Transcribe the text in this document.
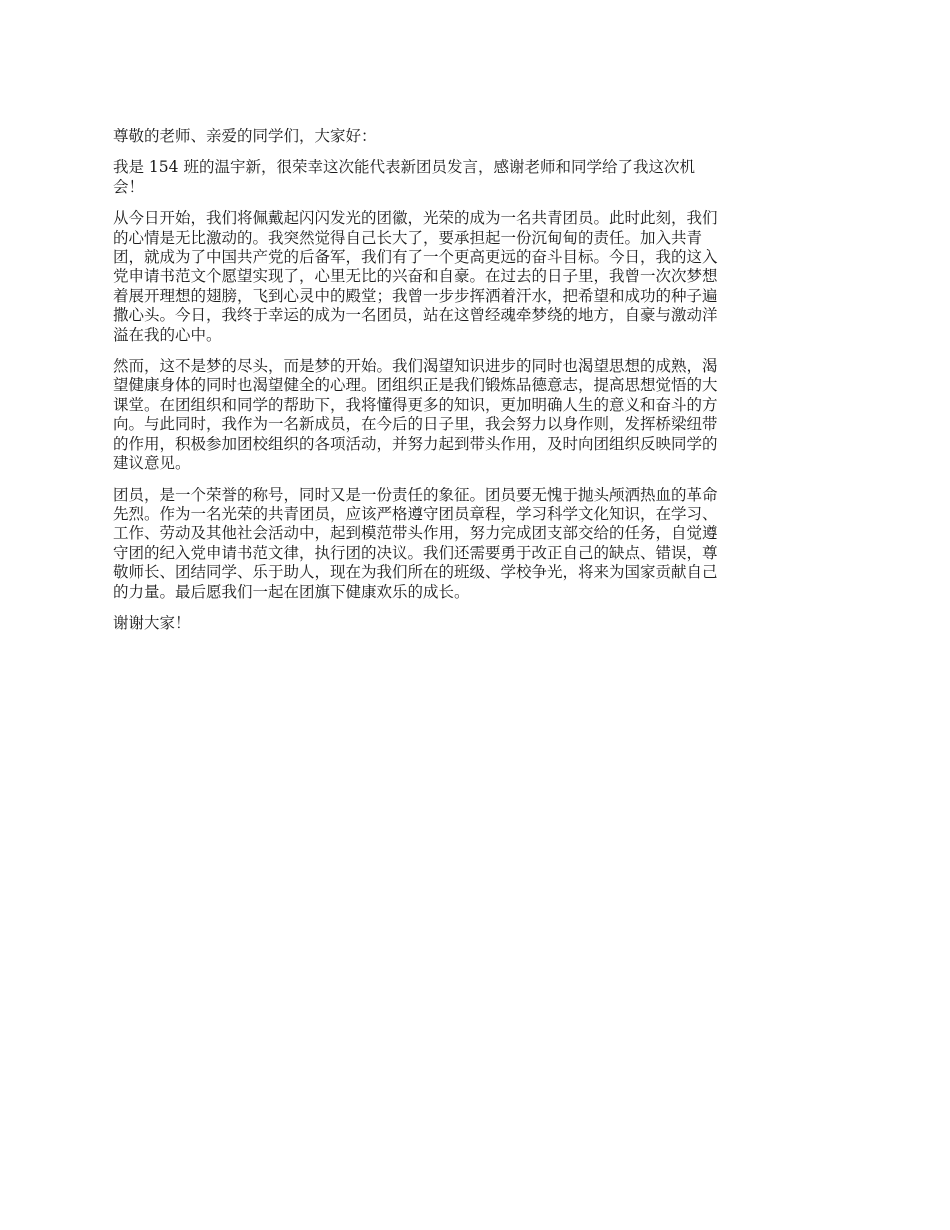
尊敬的老师、亲爱的同学们，大家好：

我是 154 班的温宇新，很荣幸这次能代表新团员发言，感谢老师和同学给了我这次机
会！

从今日开始，我们将佩戴起闪闪发光的团徽，光荣的成为一名共青团员。此时此刻，我们
的心情是无比激动的。我突然觉得自己长大了，要承担起一份沉甸甸的责任。加入共青
团，就成为了中国共产党的后备军，我们有了一个更高更远的奋斗目标。今日，我的这入
党申请书范文个愿望实现了，心里无比的兴奋和自豪。在过去的日子里，我曾一次次梦想
着展开理想的翅膀，飞到心灵中的殿堂；我曾一步步挥洒着汗水，把希望和成功的种子遍
撒心头。今日，我终于幸运的成为一名团员，站在这曾经魂牵梦绕的地方，自豪与激动洋
溢在我的心中。

然而，这不是梦的尽头，而是梦的开始。我们渴望知识进步的同时也渴望思想的成熟，渴
望健康身体的同时也渴望健全的心理。团组织正是我们锻炼品德意志，提高思想觉悟的大
课堂。在团组织和同学的帮助下，我将懂得更多的知识，更加明确人生的意义和奋斗的方
向。与此同时，我作为一名新成员，在今后的日子里，我会努力以身作则，发挥桥梁纽带
的作用，积极参加团校组织的各项活动，并努力起到带头作用，及时向团组织反映同学的
建议意见。

团员，是一个荣誉的称号，同时又是一份责任的象征。团员要无愧于抛头颅洒热血的革命
先烈。作为一名光荣的共青团员，应该严格遵守团员章程，学习科学文化知识，在学习、
工作、劳动及其他社会活动中，起到模范带头作用，努力完成团支部交给的任务，自觉遵
守团的纪入党申请书范文律，执行团的决议。我们还需要勇于改正自己的缺点、错误，尊
敬师长、团结同学、乐于助人，现在为我们所在的班级、学校争光，将来为国家贡献自己
的力量。最后愿我们一起在团旗下健康欢乐的成长。

谢谢大家！
